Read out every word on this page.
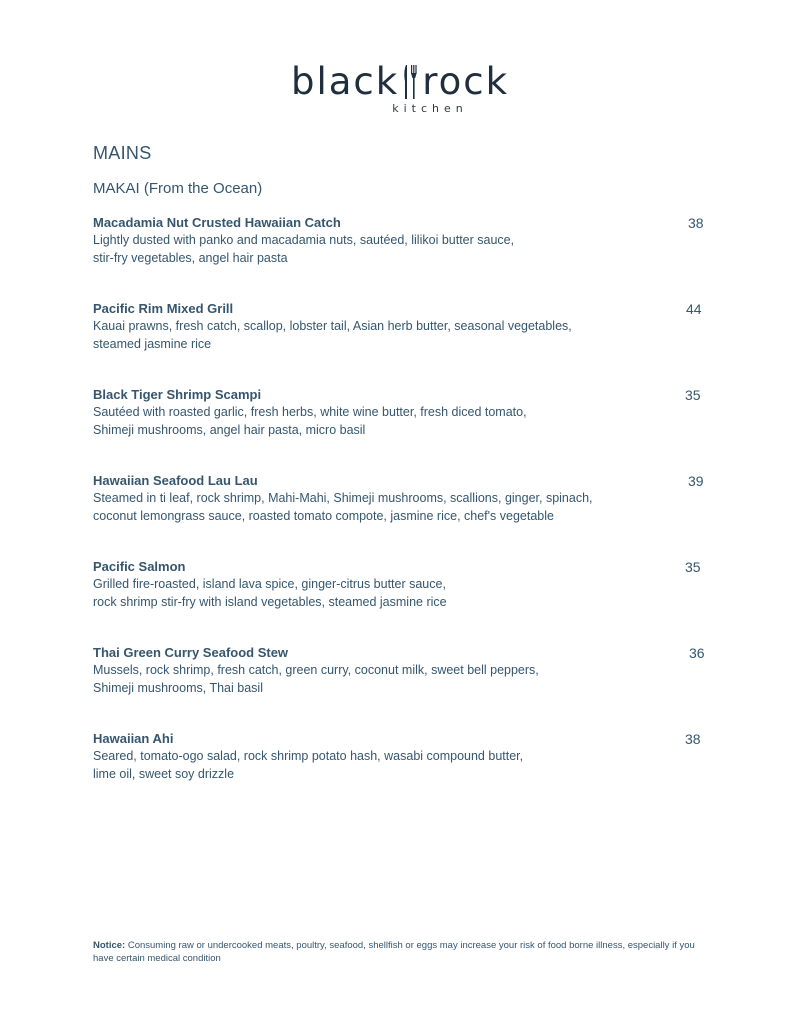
black rock
kitchen
MAINS
MAKAI (From the Ocean)
Macadamia Nut Crusted Hawaiian Catch	38
Lightly dusted with panko and macadamia nuts, sautéed, lilikoi butter sauce,
stir-fry vegetables, angel hair pasta
Pacific Rim Mixed Grill	44
Kauai prawns, fresh catch, scallop, lobster tail, Asian herb butter, seasonal vegetables,
steamed jasmine rice
Black Tiger Shrimp Scampi	35
Sautéed with roasted garlic, fresh herbs, white wine butter, fresh diced tomato,
Shimeji mushrooms, angel hair pasta, micro basil
Hawaiian Seafood Lau Lau	39
Steamed in ti leaf, rock shrimp, Mahi-Mahi, Shimeji mushrooms, scallions, ginger, spinach,
coconut lemongrass sauce, roasted tomato compote, jasmine rice, chef's vegetable
Pacific Salmon	35
Grilled fire-roasted, island lava spice, ginger-citrus butter sauce,
rock shrimp stir-fry with island vegetables, steamed jasmine rice
Thai Green Curry Seafood Stew	36
Mussels, rock shrimp, fresh catch, green curry, coconut milk, sweet bell peppers,
Shimeji mushrooms, Thai basil
Hawaiian Ahi	38
Seared, tomato-ogo salad, rock shrimp potato hash, wasabi compound butter,
lime oil, sweet soy drizzle
Notice: Consuming raw or undercooked meats, poultry, seafood, shellfish or eggs may increase your risk of food borne illness, especially if you have certain medical condition
